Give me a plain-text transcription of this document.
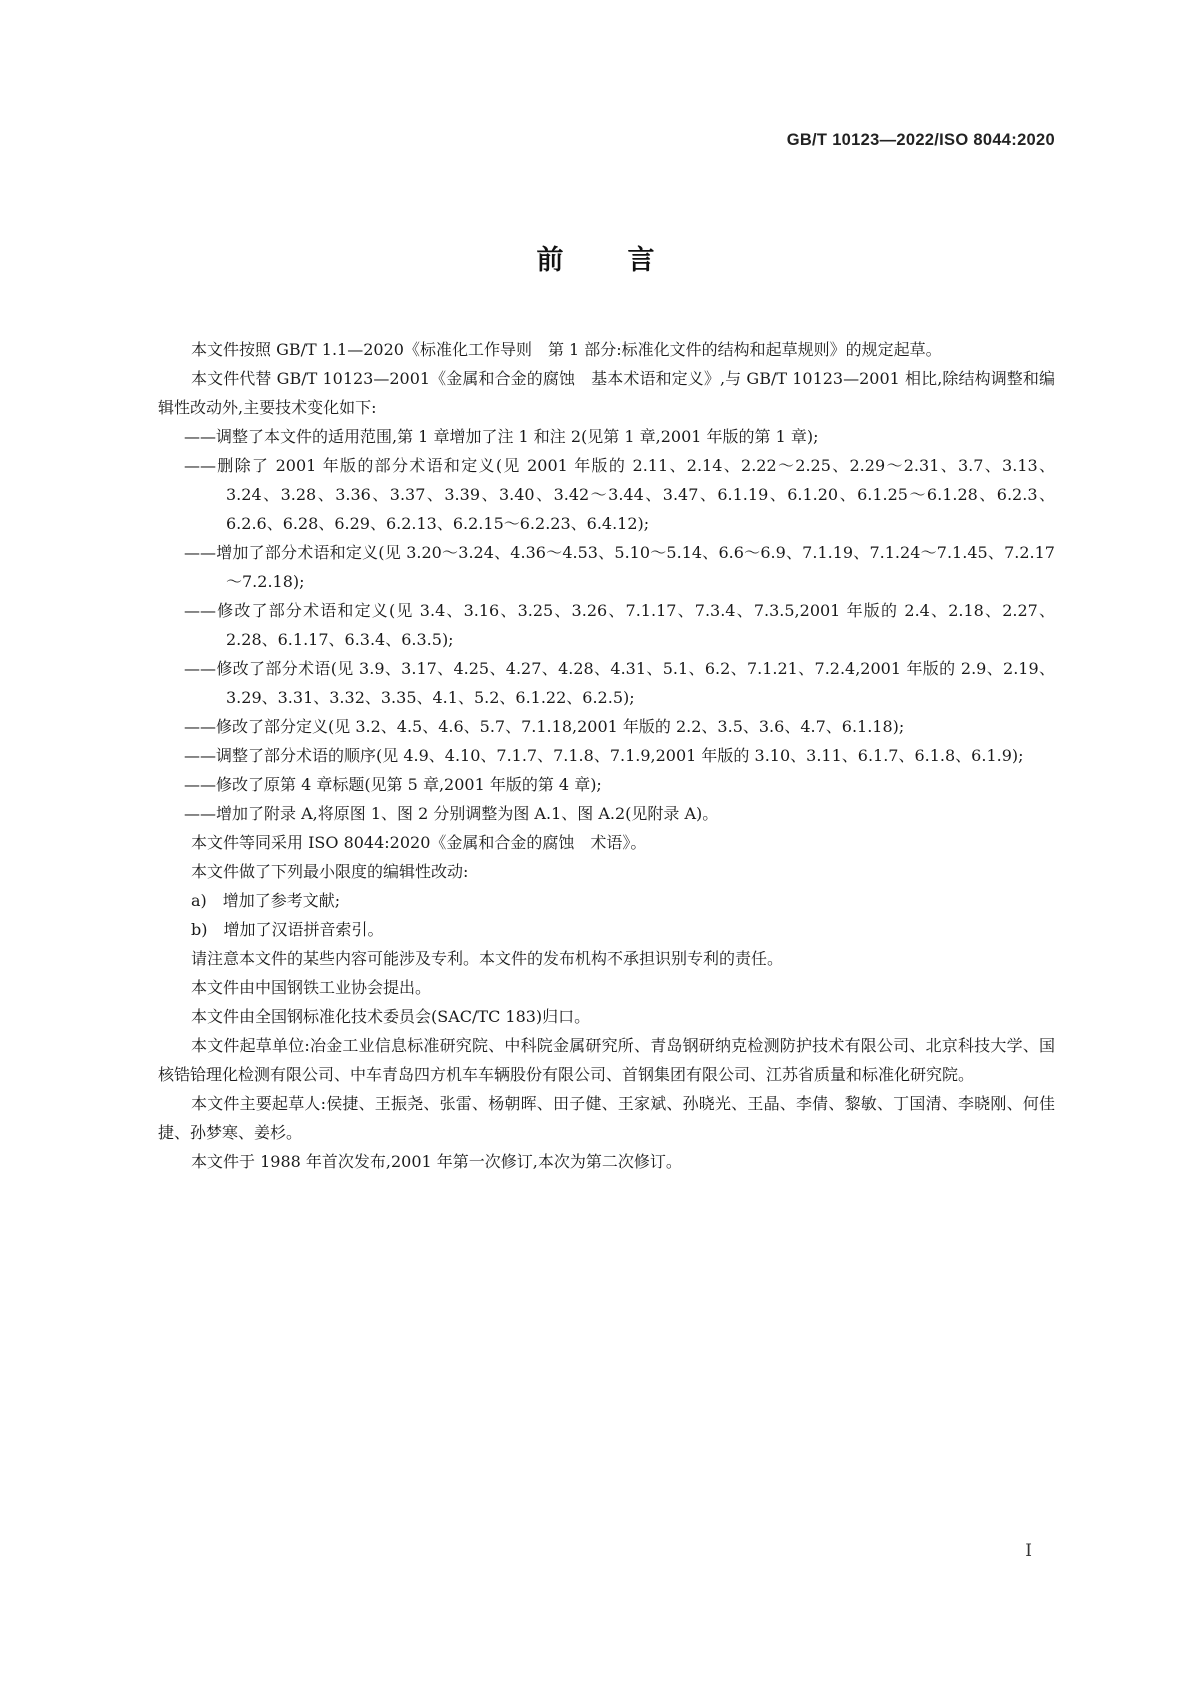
GB/T 10123—2022/ISO 8044:2020
前言
本文件按照 GB/T 1.1—2020《标准化工作导则　第 1 部分:标准化文件的结构和起草规则》的规定起草。
本文件代替 GB/T 10123—2001《金属和合金的腐蚀　基本术语和定义》,与 GB/T 10123—2001 相比,除结构调整和编辑性改动外,主要技术变化如下:
——调整了本文件的适用范围,第 1 章增加了注 1 和注 2(见第 1 章,2001 年版的第 1 章);
——删除了 2001 年版的部分术语和定义(见 2001 年版的 2.11、2.14、2.22～2.25、2.29～2.31、3.7、3.13、3.24、3.28、3.36、3.37、3.39、3.40、3.42～3.44、3.47、6.1.19、6.1.20、6.1.25～6.1.28、6.2.3、6.2.6、6.28、6.29、6.2.13、6.2.15～6.2.23、6.4.12);
——增加了部分术语和定义(见 3.20～3.24、4.36～4.53、5.10～5.14、6.6～6.9、7.1.19、7.1.24～7.1.45、7.2.17～7.2.18);
——修改了部分术语和定义(见 3.4、3.16、3.25、3.26、7.1.17、7.3.4、7.3.5,2001 年版的 2.4、2.18、2.27、2.28、6.1.17、6.3.4、6.3.5);
——修改了部分术语(见 3.9、3.17、4.25、4.27、4.28、4.31、5.1、6.2、7.1.21、7.2.4,2001 年版的 2.9、2.19、3.29、3.31、3.32、3.35、4.1、5.2、6.1.22、6.2.5);
——修改了部分定义(见 3.2、4.5、4.6、5.7、7.1.18,2001 年版的 2.2、3.5、3.6、4.7、6.1.18);
——调整了部分术语的顺序(见 4.9、4.10、7.1.7、7.1.8、7.1.9,2001 年版的 3.10、3.11、6.1.7、6.1.8、6.1.9);
——修改了原第 4 章标题(见第 5 章,2001 年版的第 4 章);
——增加了附录 A,将原图 1、图 2 分别调整为图 A.1、图 A.2(见附录 A)。
本文件等同采用 ISO 8044:2020《金属和合金的腐蚀　术语》。
本文件做了下列最小限度的编辑性改动:
a)　增加了参考文献;
b)　增加了汉语拼音索引。
请注意本文件的某些内容可能涉及专利。本文件的发布机构不承担识别专利的责任。
本文件由中国钢铁工业协会提出。
本文件由全国钢标准化技术委员会(SAC/TC 183)归口。
本文件起草单位:冶金工业信息标准研究院、中科院金属研究所、青岛钢研纳克检测防护技术有限公司、北京科技大学、国核锆铪理化检测有限公司、中车青岛四方机车车辆股份有限公司、首钢集团有限公司、江苏省质量和标准化研究院。
本文件主要起草人:侯捷、王振尧、张雷、杨朝晖、田子健、王家斌、孙晓光、王晶、李倩、黎敏、丁国清、李晓刚、何佳捷、孙梦寒、姜杉。
本文件于 1988 年首次发布,2001 年第一次修订,本次为第二次修订。
Ⅰ
